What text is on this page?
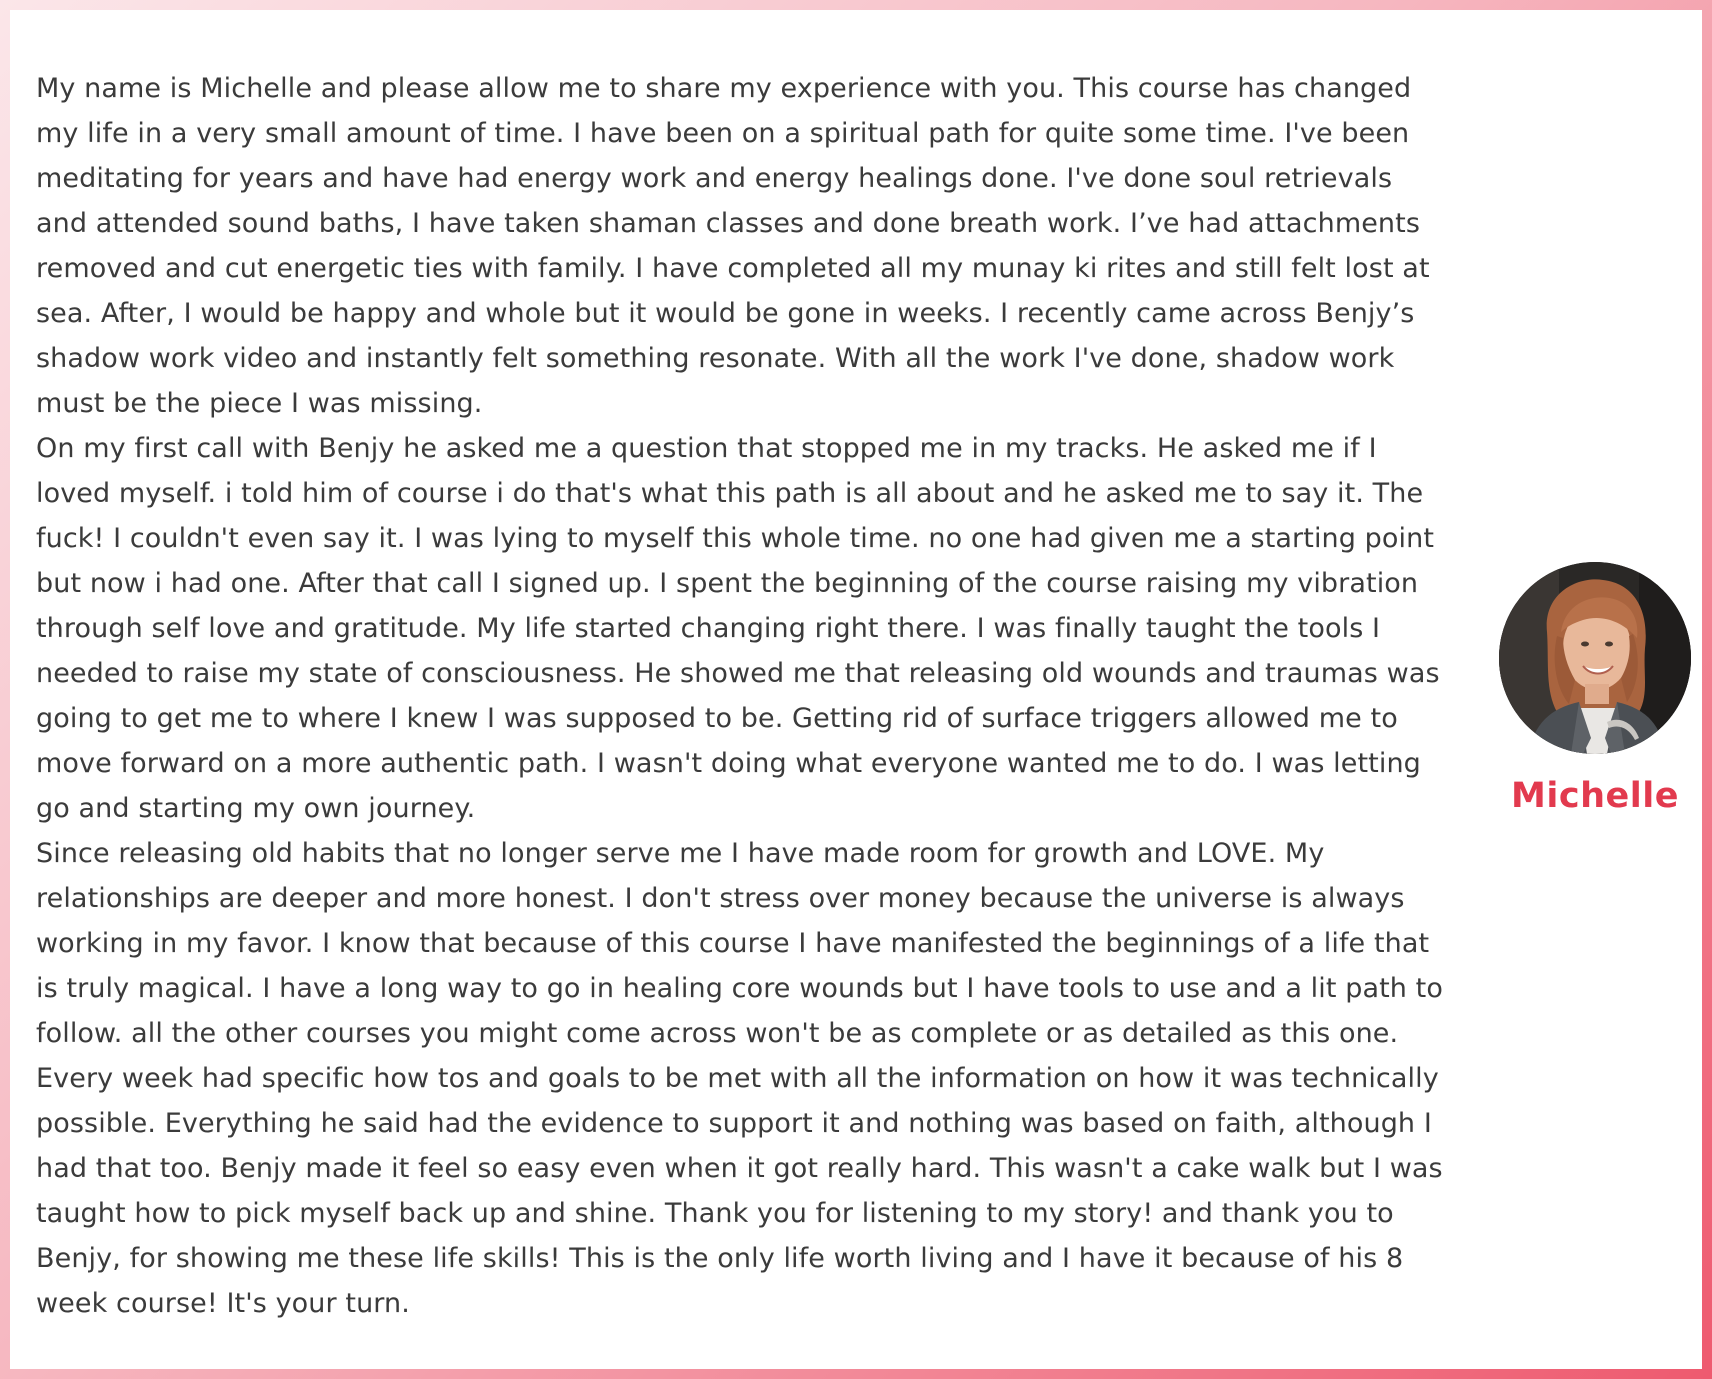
My name is Michelle and please allow me to share my experience with you. This course has changed my life in a very small amount of time. I have been on a spiritual path for quite some time. I've been meditating for years and have had energy work and energy healings done. I've done soul retrievals and attended sound baths, I have taken shaman classes and done breath work. I’ve had attachments removed and cut energetic ties with family. I have completed all my munay ki rites and still felt lost at sea. After, I would be happy and whole but it would be gone in weeks. I recently came across Benjy’s shadow work video and instantly felt something resonate. With all the work I've done, shadow work must be the piece I was missing.

On my first call with Benjy he asked me a question that stopped me in my tracks. He asked me if I loved myself. i told him of course i do that's what this path is all about and he asked me to say it. The fuck! I couldn't even say it. I was lying to myself this whole time. no one had given me a starting point but now i had one. After that call I signed up. I spent the beginning of the course raising my vibration through self love and gratitude. My life started changing right there. I was finally taught the tools I needed to raise my state of consciousness. He showed me that releasing old wounds and traumas was going to get me to where I knew I was supposed to be. Getting rid of surface triggers allowed me to move forward on a more authentic path. I wasn't doing what everyone wanted me to do. I was letting go and starting my own journey.

Since releasing old habits that no longer serve me I have made room for growth and LOVE. My relationships are deeper and more honest. I don't stress over money because the universe is always working in my favor. I know that because of this course I have manifested the beginnings of a life that is truly magical. I have a long way to go in healing core wounds but I have tools to use and a lit path to follow. all the other courses you might come across won't be as complete or as detailed as this one. Every week had specific how tos and goals to be met with all the information on how it was technically possible. Everything he said had the evidence to support it and nothing was based on faith, although I had that too. Benjy made it feel so easy even when it got really hard. This wasn't a cake walk but I was taught how to pick myself back up and shine. Thank you for listening to my story! and thank you to Benjy, for showing me these life skills! This is the only life worth living and I have it because of his 8 week course! It's your turn.

Michelle
